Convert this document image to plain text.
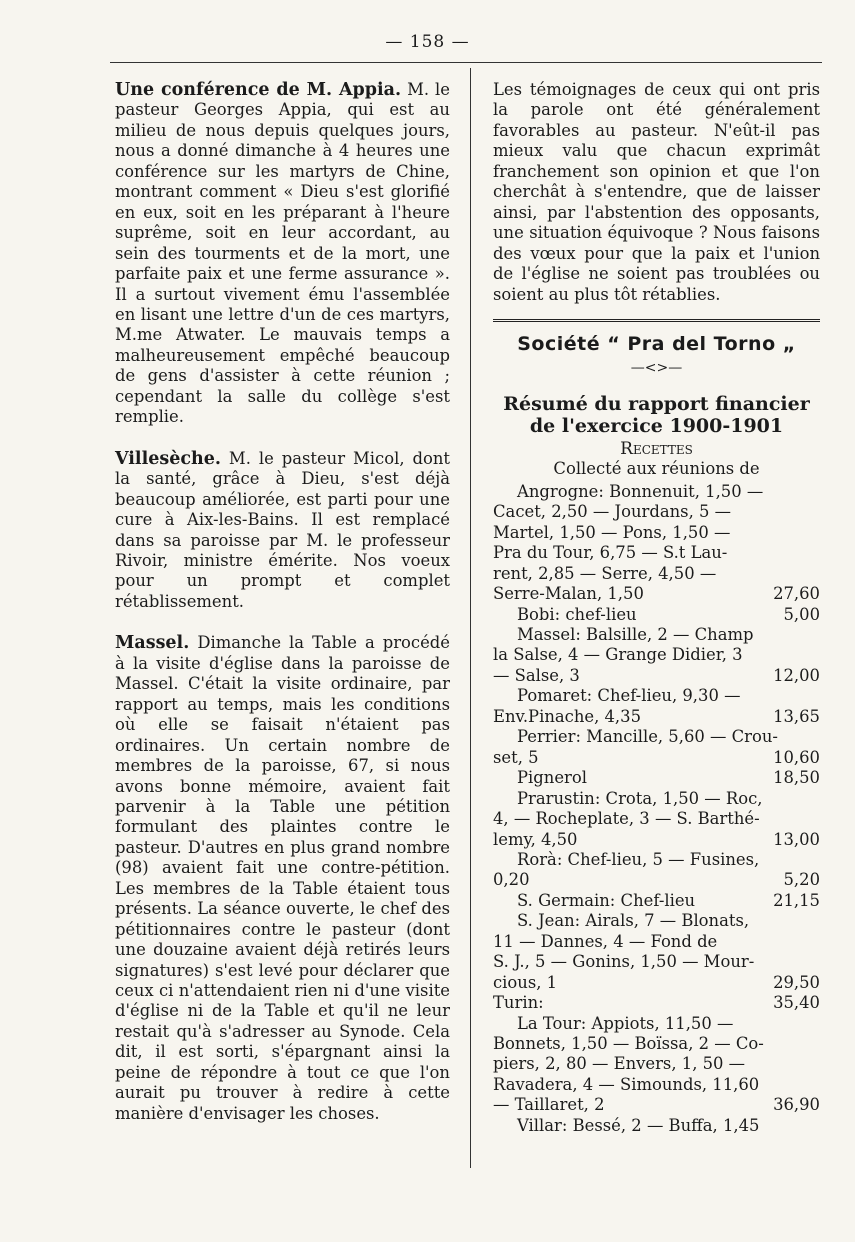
— 158 —

Une conférence de M. Appia. M. le pasteur Georges Appia, qui est au milieu de nous depuis quelques jours, nous a donné dimanche à 4 heures une conférence sur les martyrs de Chine, montrant comment « Dieu s'est glorifié en eux, soit en les préparant à l'heure suprême, soit en leur accordant, au sein des tourments et de la mort, une parfaite paix et une ferme assurance ». Il a surtout vivement ému l'assemblée en lisant une lettre d'un de ces martyrs, M.me Atwater. Le mauvais temps a malheureusement empêché beaucoup de gens d'assister à cette réunion ; cependant la salle du collège s'est remplie.

Villesèche. M. le pasteur Micol, dont la santé, grâce à Dieu, s'est déjà beaucoup améliorée, est parti pour une cure à Aix-les-Bains. Il est remplacé dans sa paroisse par M. le professeur Rivoir, ministre émérite. Nos voeux pour un prompt et complet rétablissement.

Massel. Dimanche la Table a procédé à la visite d'église dans la paroisse de Massel. C'était la visite ordinaire, par rapport au temps, mais les conditions où elle se faisait n'étaient pas ordinaires. Un certain nombre de membres de la paroisse, 67, si nous avons bonne mémoire, avaient fait parvenir à la Table une pétition formulant des plaintes contre le pasteur. D'autres en plus grand nombre (98) avaient fait une contre-pétition. Les membres de la Table étaient tous présents. La séance ouverte, le chef des pétitionnaires contre le pasteur (dont une douzaine avaient déjà retirés leurs signatures) s'est levé pour déclarer que ceux ci n'attendaient rien ni d'une visite d'église ni de la Table et qu'il ne leur restait qu'à s'adresser au Synode. Cela dit, il est sorti, s'épargnant ainsi la peine de répondre à tout ce que l'on aurait pu trouver à redire à cette manière d'envisager les choses.

Les témoignages de ceux qui ont pris la parole ont été généralement favorables au pasteur. N'eût-il pas mieux valu que chacun exprimât franchement son opinion et que l'on cherchât à s'entendre, que de laisser ainsi, par l'abstention des opposants, une situation équivoque ? Nous faisons des vœux pour que la paix et l'union de l'église ne soient pas troublées ou soient au plus tôt rétablies.

Société “ Pra del Torno „
—<>—
Résumé du rapport financier
de l'exercice 1900-1901
Recettes
Collecté aux réunions de
Angrogne: Bonnenuit, 1,50 —
Cacet, 2,50 — Jourdans, 5 —
Martel, 1,50 — Pons, 1,50 —
Pra du Tour, 6,75 — S.t Lau-
rent, 2,85 — Serre, 4,50 —
Serre-Malan, 1,50	27,60
Bobi: chef-lieu	5,00
Massel: Balsille, 2 — Champ
la Salse, 4 — Grange Didier, 3
— Salse, 3	12,00
Pomaret: Chef-lieu, 9,30 —
Env.Pinache, 4,35	13,65
Perrier: Mancille, 5,60 — Crou-
set, 5	10,60
Pignerol	18,50
Prarustin: Crota, 1,50 — Roc,
4, — Rocheplate, 3 — S. Barthé-
lemy, 4,50	13,00
Rorà: Chef-lieu, 5 — Fusines,
0,20	5,20
S. Germain: Chef-lieu	21,15
S. Jean: Airals, 7 — Blonats,
11 — Dannes, 4 — Fond de
S. J., 5 — Gonins, 1,50 — Mour-
cious, 1	29,50
Turin:	35,40
La Tour: Appiots, 11,50 —
Bonnets, 1,50 — Boïssa, 2 — Co-
piers, 2, 80 — Envers, 1, 50 —
Ravadera, 4 — Simounds, 11,60
— Taillaret, 2	36,90
Villar: Bessé, 2 — Buffa, 1,45
